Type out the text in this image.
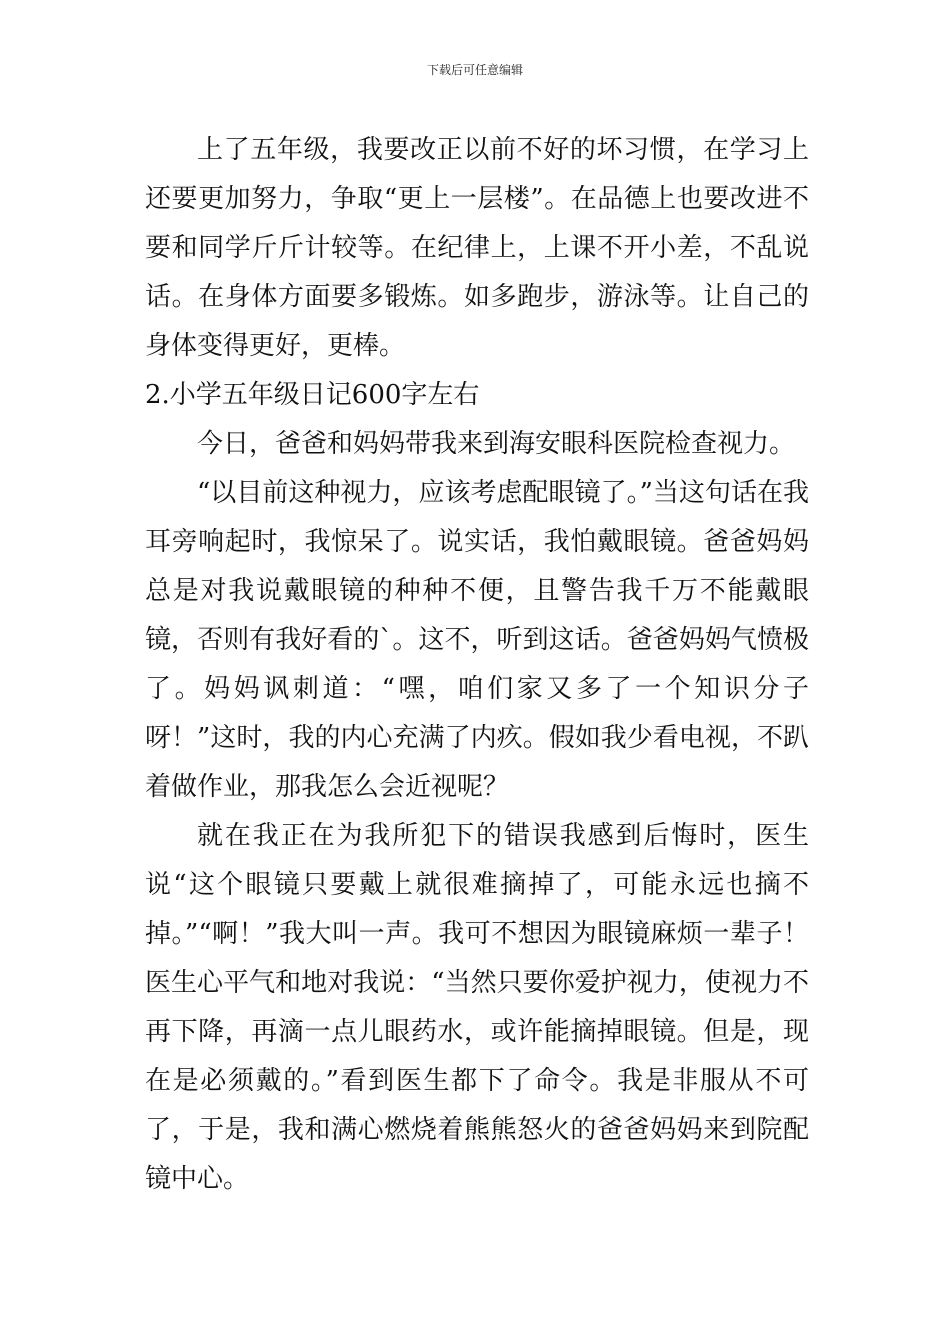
下载后可任意编辑

上了五年级，我要改正以前不好的坏习惯，在学习上还要更加努力，争取“更上一层楼”。在品德上也要改进不要和同学斤斤计较等。在纪律上，上课不开小差，不乱说话。在身体方面要多锻炼。如多跑步，游泳等。让自己的身体变得更好，更棒。

2.小学五年级日记600字左右

今日，爸爸和妈妈带我来到海安眼科医院检查视力。

“以目前这种视力，应该考虑配眼镜了。”当这句话在我耳旁响起时，我惊呆了。说实话，我怕戴眼镜。爸爸妈妈总是对我说戴眼镜的种种不便，且警告我千万不能戴眼镜，否则有我好看的`。这不，听到这话。爸爸妈妈气愤极了。妈妈讽刺道：“嘿，咱们家又多了一个知识分子呀！”这时，我的内心充满了内疚。假如我少看电视，不趴着做作业，那我怎么会近视呢？

就在我正在为我所犯下的错误我感到后悔时，医生说“这个眼镜只要戴上就很难摘掉了，可能永远也摘不掉。”“啊！”我大叫一声。我可不想因为眼镜麻烦一辈子！医生心平气和地对我说：“当然只要你爱护视力，使视力不再下降，再滴一点儿眼药水，或许能摘掉眼镜。但是，现在是必须戴的。”看到医生都下了命令。我是非服从不可了，于是，我和满心燃烧着熊熊怒火的爸爸妈妈来到院配镜中心。
